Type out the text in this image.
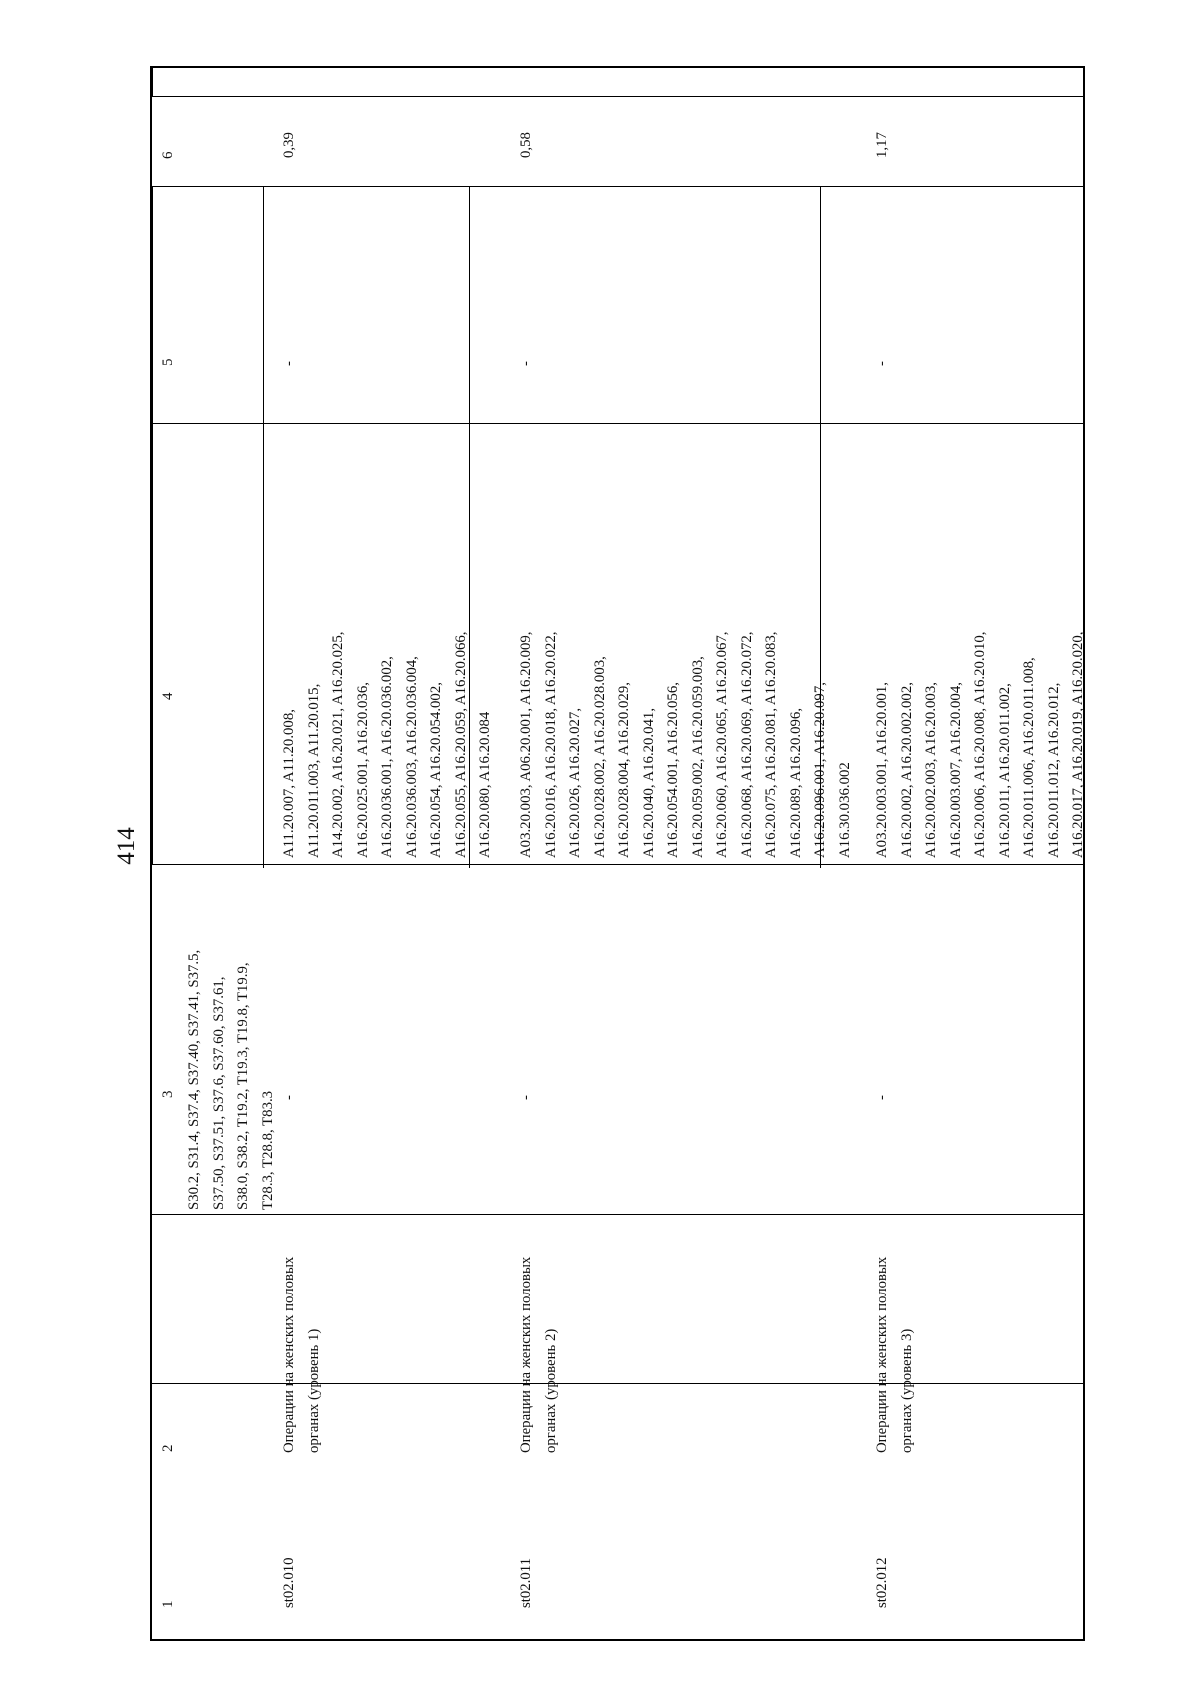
414
1
2
3
4
5
6

S30.2, S31.4, S37.4, S37.40, S37.41, S37.5, S37.50, S37.51, S37.6, S37.60, S37.61, S38.0, S38.2, T19.2, T19.3, T19.8, T19.9, T28.3, T28.8, T83.3

st02.010

Операции на женских половых органах (уровень 1)

-

A11.20.007, A11.20.008, A11.20.011.003, A11.20.015, A14.20.002, A16.20.021, A16.20.025, A16.20.025.001, A16.20.036, A16.20.036.001, A16.20.036.002, A16.20.036.003, A16.20.036.004, A16.20.054, A16.20.054.002, A16.20.055, A16.20.059, A16.20.066, A16.20.080, A16.20.084

-
0,39
st02.011

Операции на женских половых органах (уровень 2)

-

A03.20.003, A06.20.001, A16.20.009, A16.20.016, A16.20.018, A16.20.022, A16.20.026, A16.20.027, A16.20.028.002, A16.20.028.003, A16.20.028.004, A16.20.029, A16.20.040, A16.20.041, A16.20.054.001, A16.20.056, A16.20.059.002, A16.20.059.003, A16.20.060, A16.20.065, A16.20.067, A16.20.068, A16.20.069, A16.20.072, A16.20.075, A16.20.081, A16.20.083, A16.20.089, A16.20.096, A16.20.096.001, A16.20.097, A16.30.036.002

-
0,58
st02.012

Операции на женских половых органах (уровень 3)

-

A03.20.003.001, A16.20.001, A16.20.002, A16.20.002.002, A16.20.002.003, A16.20.003, A16.20.003.007, A16.20.004, A16.20.006, A16.20.008, A16.20.010, A16.20.011, A16.20.011.002, A16.20.011.006, A16.20.011.008, A16.20.011.012, A16.20.012, A16.20.017, A16.20.019, A16.20.020,

-
1,17
